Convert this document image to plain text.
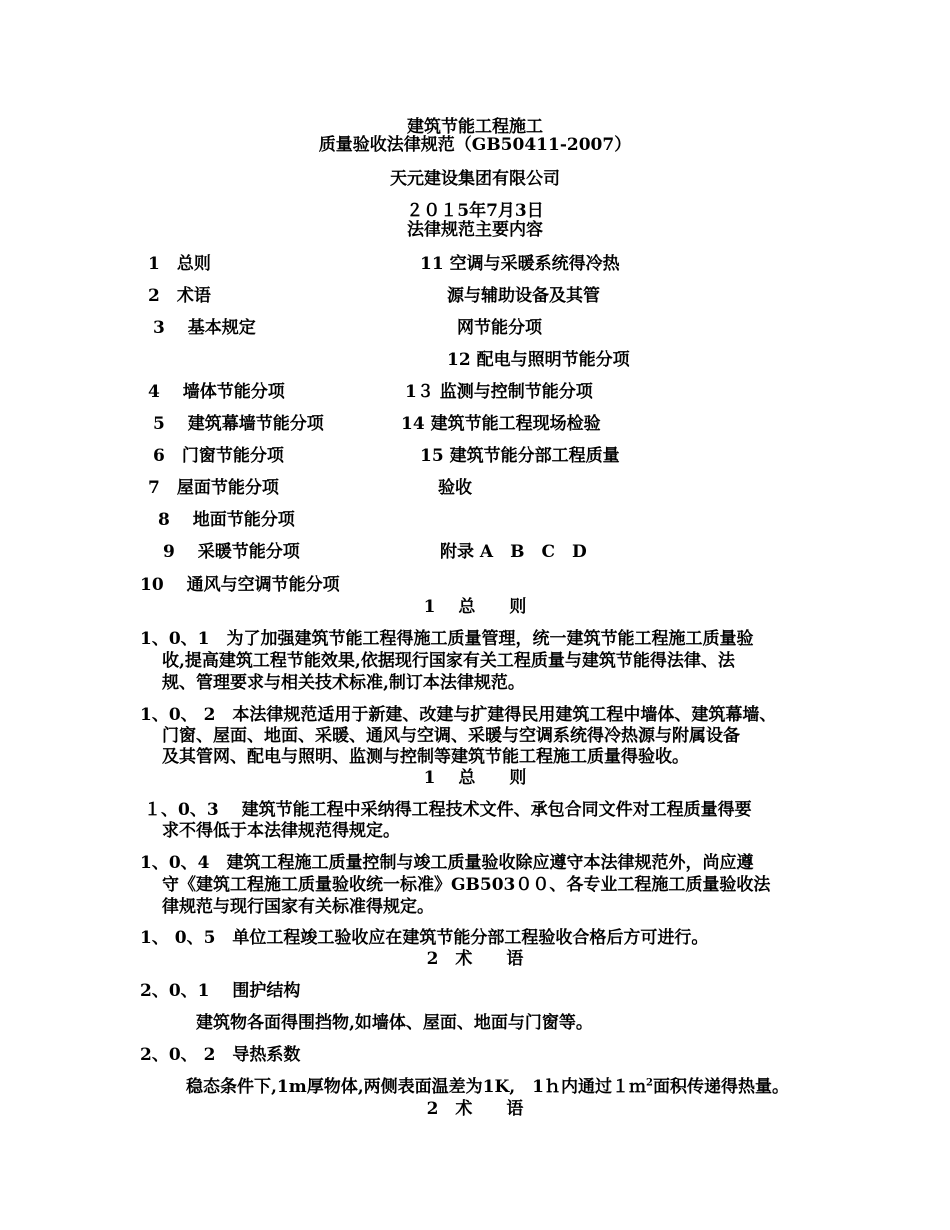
建筑节能工程施工
质量验收法律规范（GB50411-2007）
天元建设集团有限公司
２０１5年7月3日
法律规范主要内容
1　总则
2　术语
3　 基本规定
4　 墙体节能分项
5　 建筑幕墙节能分项
6　门窗节能分项
7　屋面节能分项
8　 地面节能分项
9　 采暖节能分项
10　 通风与空调节能分项
11 空调与采暖系统得冷热
源与辅助设备及其管
网节能分项
12 配电与照明节能分项
1３ 监测与控制节能分项
14 建筑节能工程现场检验
15 建筑节能分部工程质量
验收
附录 A　B　C　D
1　 总　　则
1、0、1　为了加强建筑节能工程得施工质量管理，统一建筑节能工程施工质量验
收,提高建筑工程节能效果,依据现行国家有关工程质量与建筑节能得法律、法
规、管理要求与相关技术标准,制订本法律规范。
1、0、 2　本法律规范适用于新建、改建与扩建得民用建筑工程中墙体、建筑幕墙、
门窗、屋面、地面、采暖、通风与空调、采暖与空调系统得冷热源与附属设备
及其管网、配电与照明、监测与控制等建筑节能工程施工质量得验收。
1　 总　　则
１、0、3　 建筑节能工程中采纳得工程技术文件、承包合同文件对工程质量得要
求不得低于本法律规范得规定。
1、0、4　建筑工程施工质量控制与竣工质量验收除应遵守本法律规范外，尚应遵
守《建筑工程施工质量验收统一标准》GB503００、各专业工程施工质量验收法
律规范与现行国家有关标准得规定。
1、 0、5　单位工程竣工验收应在建筑节能分部工程验收合格后方可进行。
2　术　　语
2、0、1　 围护结构
建筑物各面得围挡物,如墙体、屋面、地面与门窗等。
2、0、 2　导热系数
稳态条件下,1m厚物体,两侧表面温差为1K,　1ｈ内通过１ｍ$^2$面积传递得热量。
2　术　　语
